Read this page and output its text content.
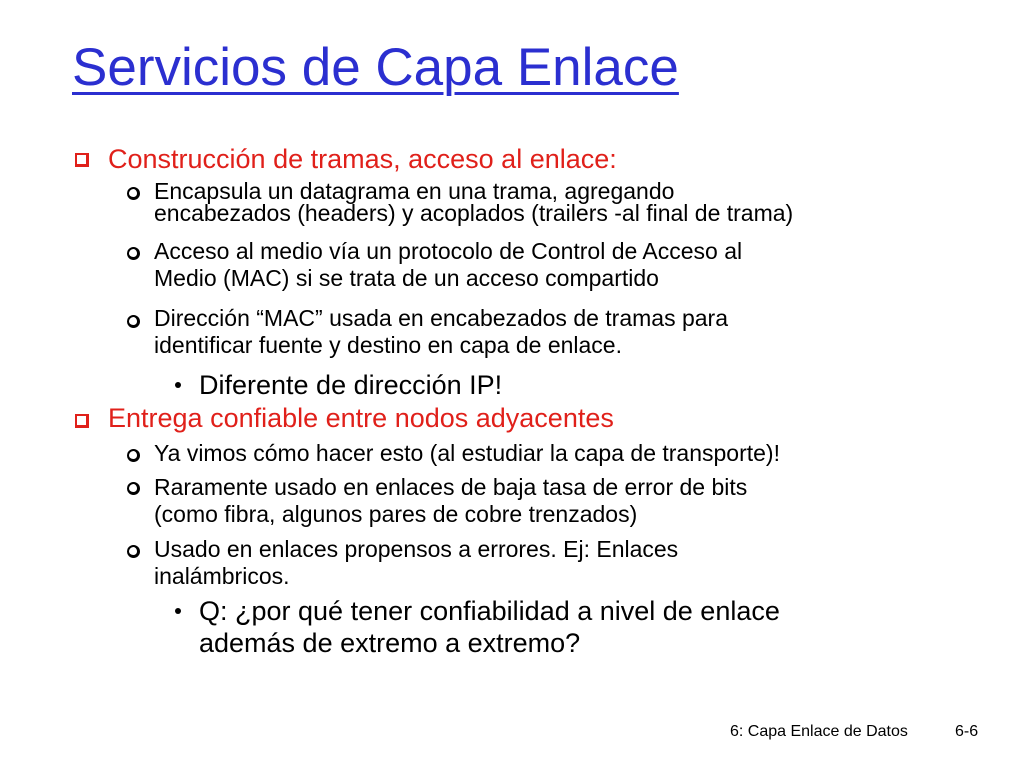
Servicios de Capa Enlace
Construcción de tramas, acceso al enlace:
Encapsula un datagrama en una trama, agregando
encabezados (headers) y acoplados (trailers -al final de trama)
Acceso al medio vía un protocolo de Control de Acceso al
Medio (MAC) si se trata de un acceso compartido
Dirección “MAC” usada en encabezados de tramas para
identificar fuente y destino en capa de enlace.
Diferente de dirección IP!
Entrega confiable entre nodos adyacentes
Ya vimos cómo hacer esto (al estudiar la capa de transporte)!
Raramente usado en enlaces de baja tasa de error de bits
(como fibra, algunos pares de cobre trenzados)
Usado en enlaces propensos a errores. Ej: Enlaces
inalámbricos.
Q: ¿por qué tener confiabilidad a nivel de enlace
además de extremo a extremo?
6: Capa Enlace de Datos	6-6
